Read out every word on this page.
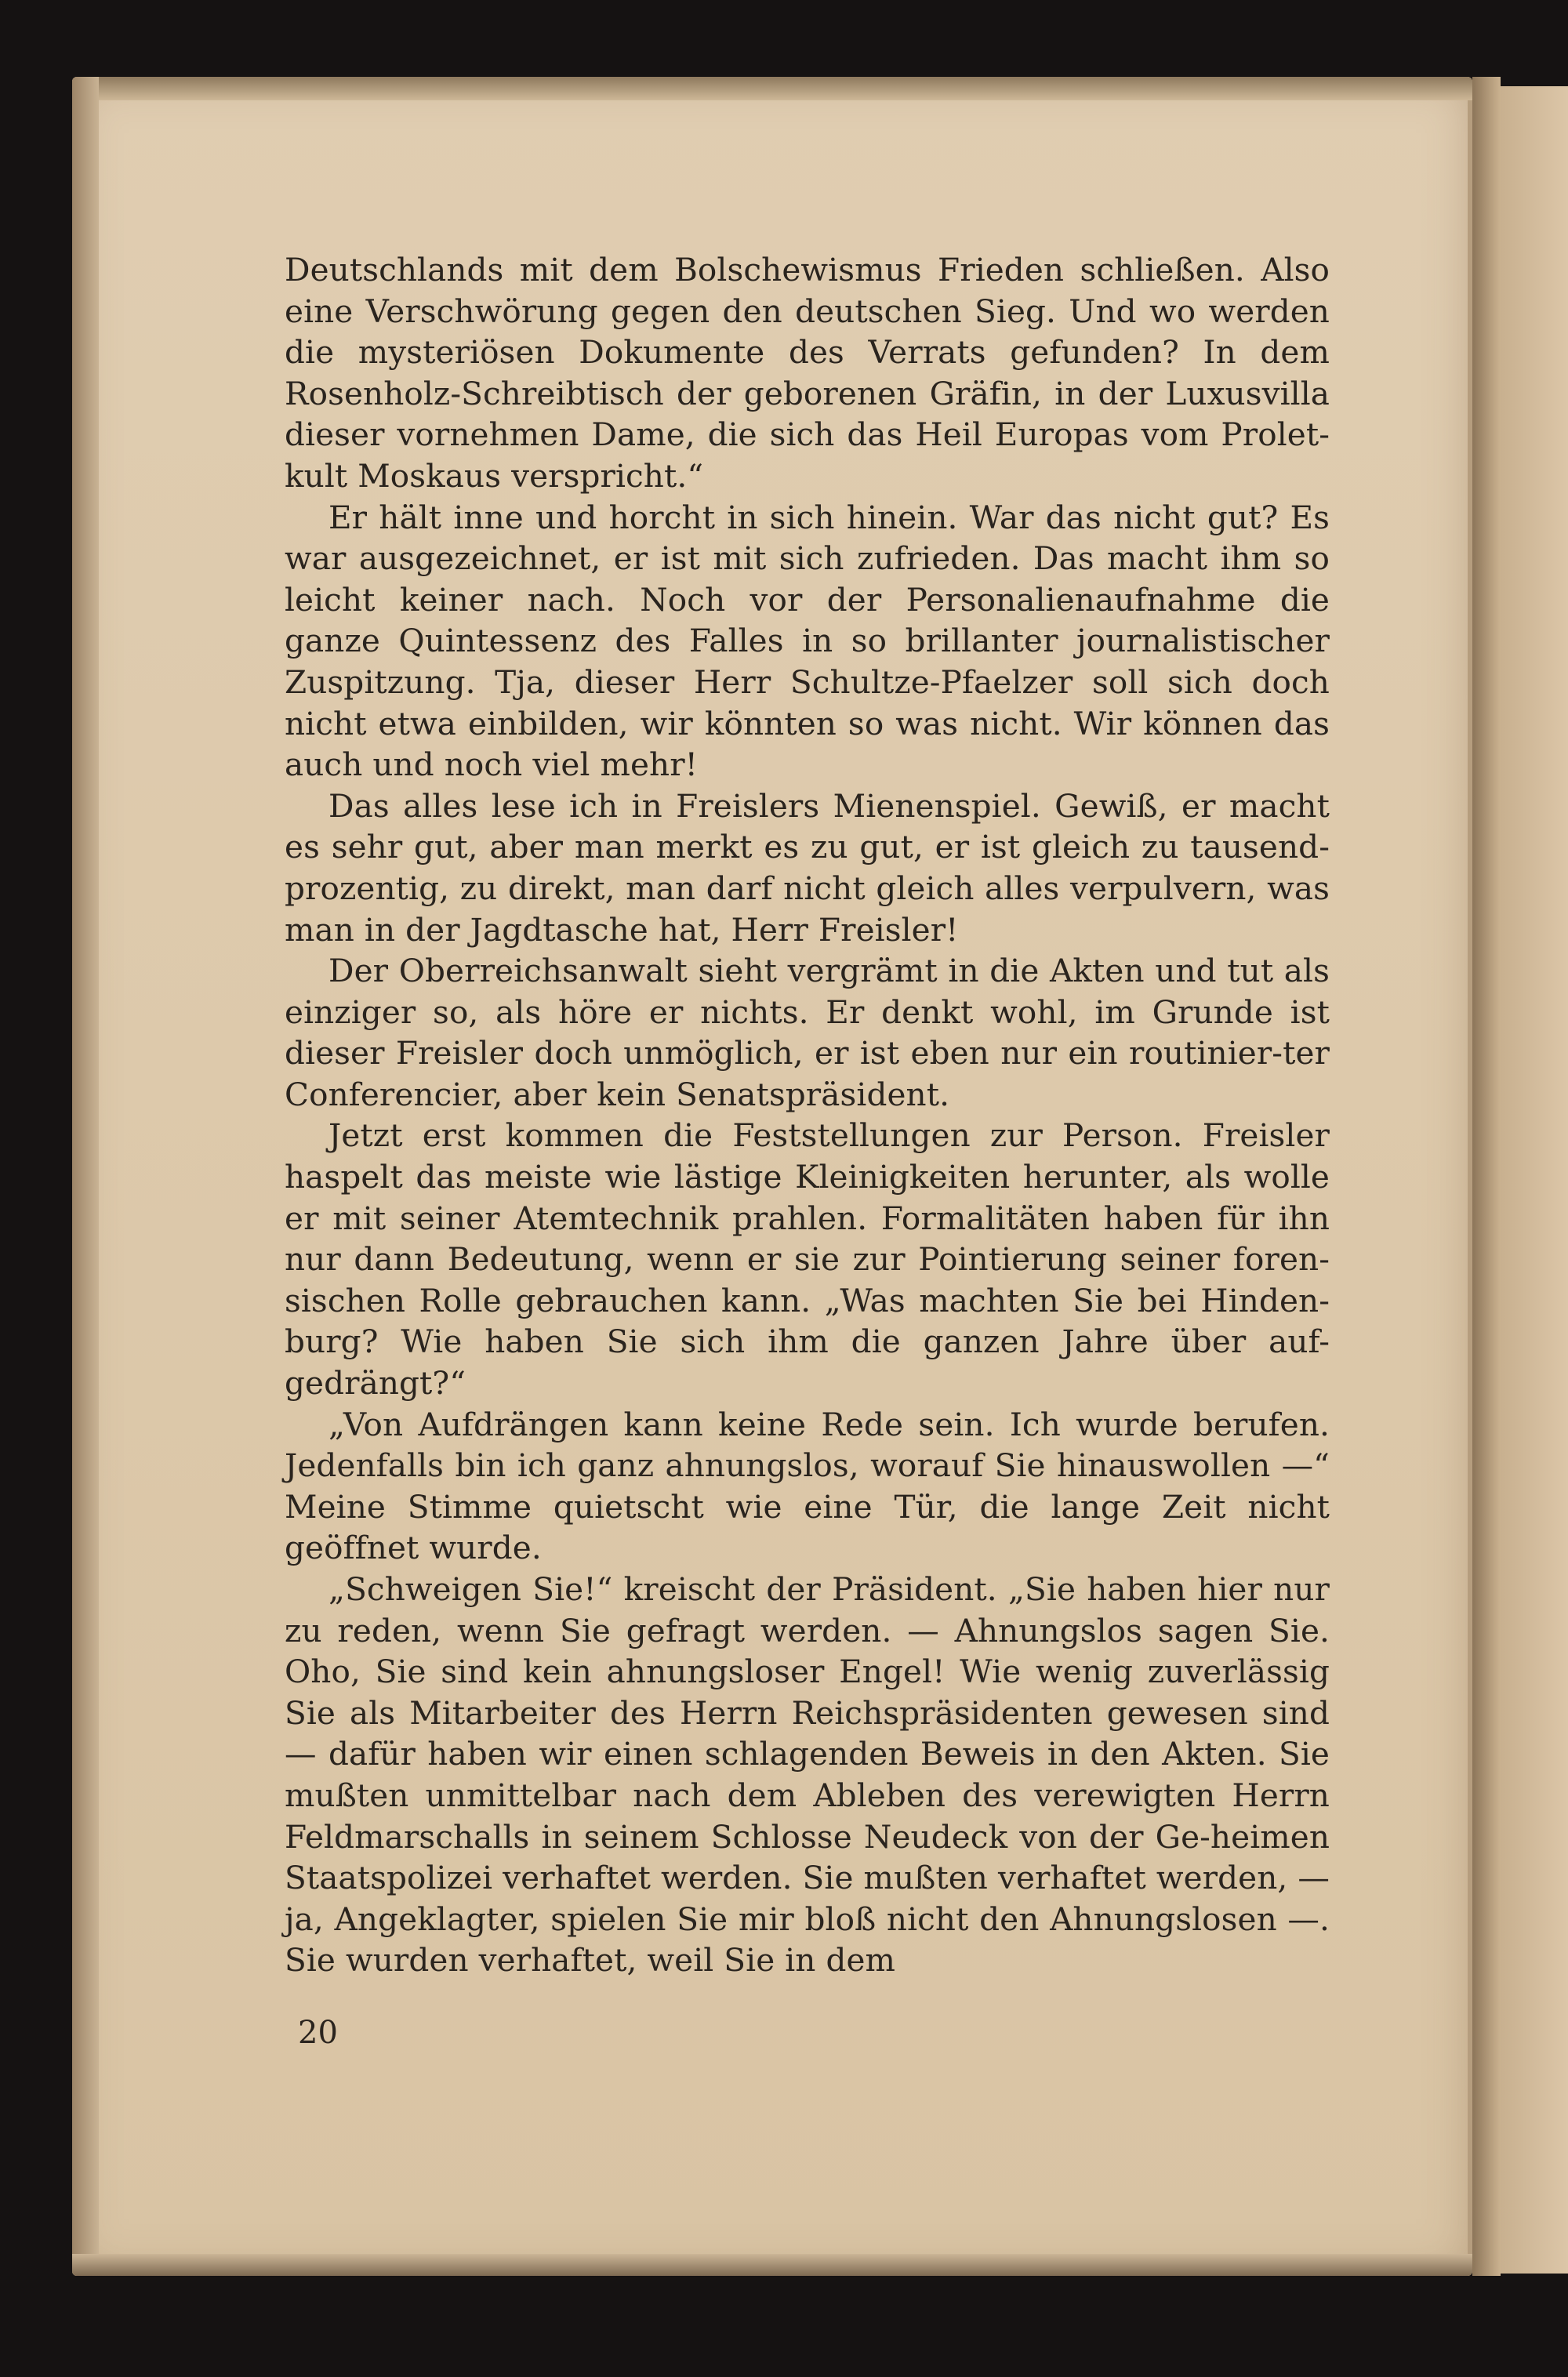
Deutschlands mit dem Bolschewismus Frieden schließen. Also eine Verschwörung gegen den deutschen Sieg. Und wo werden die mysteriösen Dokumente des Verrats gefunden? In dem Rosenholz-Schreibtisch der geborenen Gräfin, in der Luxusvilla dieser vornehmen Dame, die sich das Heil Europas vom Prolet-kult Moskaus verspricht.“

Er hält inne und horcht in sich hinein. War das nicht gut? Es war ausgezeichnet, er ist mit sich zufrieden. Das macht ihm so leicht keiner nach. Noch vor der Personalienaufnahme die ganze Quintessenz des Falles in so brillanter journalistischer Zuspitzung. Tja, dieser Herr Schultze-Pfaelzer soll sich doch nicht etwa einbilden, wir könnten so was nicht. Wir können das auch und noch viel mehr!

Das alles lese ich in Freislers Mienenspiel. Gewiß, er macht es sehr gut, aber man merkt es zu gut, er ist gleich zu tausend-prozentig, zu direkt, man darf nicht gleich alles verpulvern, was man in der Jagdtasche hat, Herr Freisler!

Der Oberreichsanwalt sieht vergrämt in die Akten und tut als einziger so, als höre er nichts. Er denkt wohl, im Grunde ist dieser Freisler doch unmöglich, er ist eben nur ein routinier-ter Conferencier, aber kein Senatspräsident.

Jetzt erst kommen die Feststellungen zur Person. Freisler haspelt das meiste wie lästige Kleinigkeiten herunter, als wolle er mit seiner Atemtechnik prahlen. Formalitäten haben für ihn nur dann Bedeutung, wenn er sie zur Pointierung seiner foren-sischen Rolle gebrauchen kann. „Was machten Sie bei Hinden-burg? Wie haben Sie sich ihm die ganzen Jahre über auf-gedrängt?“

„Von Aufdrängen kann keine Rede sein. Ich wurde berufen. Jedenfalls bin ich ganz ahnungslos, worauf Sie hinauswollen —“ Meine Stimme quietscht wie eine Tür, die lange Zeit nicht geöffnet wurde.

„Schweigen Sie!“ kreischt der Präsident. „Sie haben hier nur zu reden, wenn Sie gefragt werden. — Ahnungslos sagen Sie. Oho, Sie sind kein ahnungsloser Engel! Wie wenig zuverlässig Sie als Mitarbeiter des Herrn Reichspräsidenten gewesen sind — dafür haben wir einen schlagenden Beweis in den Akten. Sie mußten unmittelbar nach dem Ableben des verewigten Herrn Feldmarschalls in seinem Schlosse Neudeck von der Ge-heimen Staatspolizei verhaftet werden. Sie mußten verhaftet werden, — ja, Angeklagter, spielen Sie mir bloß nicht den Ahnungslosen —. Sie wurden verhaftet, weil Sie in dem

20
